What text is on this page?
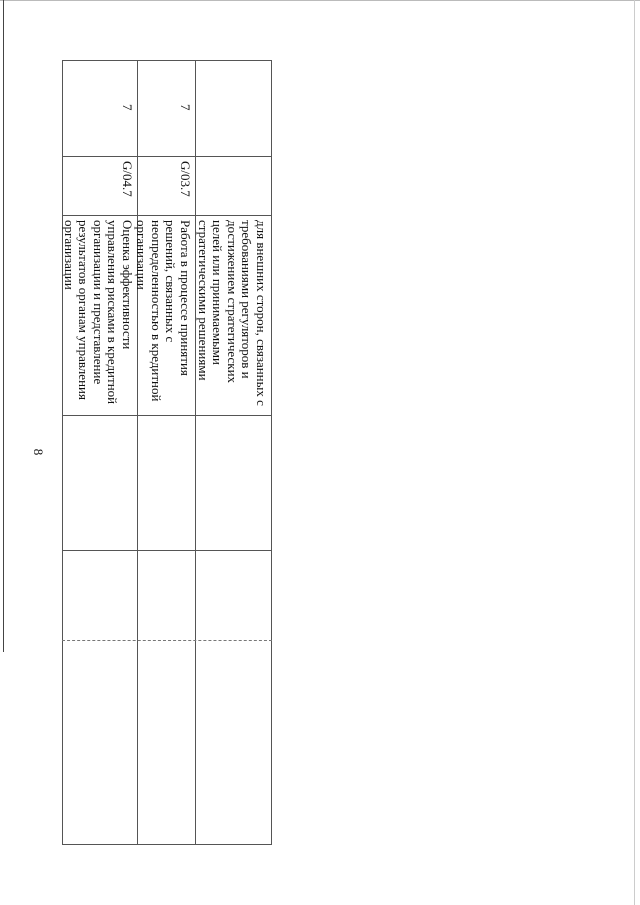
8
для внешних сторон, связанных с
требованиями регуляторов и
достижением стратегических
целей или принимаемыми
стратегическими решениями
Работа в процессе принятия
решений, связанных с
неопределенностью в кредитной
организации
G/03.7
7
Оценка эффективности
управления рисками в кредитной
организации и представление
результатов органам управления
организации
G/04.7
7
